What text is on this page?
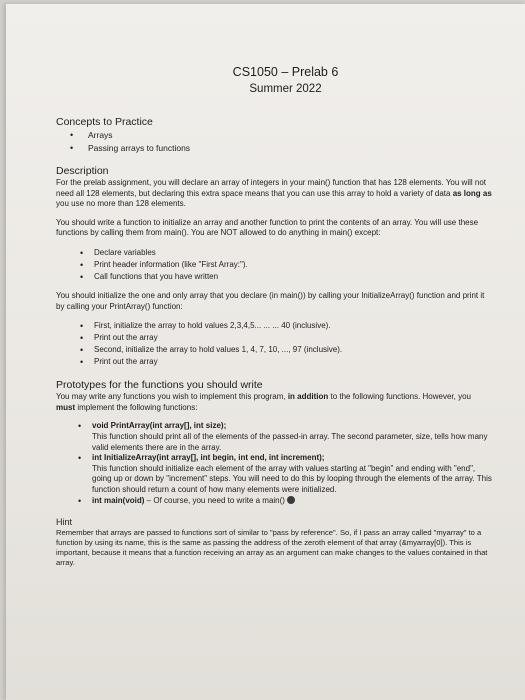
CS1050 – Prelab 6
Summer 2022
Concepts to Practice
• Arrays
• Passing arrays to functions
Description

For the prelab assignment, you will declare an array of integers in your main() function that has 128 elements. You will not need all 128 elements, but declaring this extra space means that you can use this array to hold a variety of data as long as you use no more than 128 elements.

You should write a function to initialize an array and another function to print the contents of an array. You will use these functions by calling them from main(). You are NOT allowed to do anything in main() except:

• Declare variables
• Print header information (like "First Array:").
• Call functions that you have written

You should initialize the one and only array that you declare (in main()) by calling your InitializeArray() function and print it by calling your PrintArray() function:

• First, initialize the array to hold values 2,3,4,5... ... ... 40 (inclusive).
• Print out the array
• Second, initialize the array to hold values 1, 4, 7, 10, ..., 97 (inclusive).
• Print out the array
Prototypes for the functions you should write

You may write any functions you wish to implement this program, in addition to the following functions. However, you must implement the following functions:

• void PrintArray(int array[], int size);
This function should print all of the elements of the passed-in array. The second parameter, size, tells how many valid elements there are in the array.
• int InitializeArray(int array[], int begin, int end, int increment);
This function should initialize each element of the array with values starting at "begin" and ending with "end", going up or down by "increment" steps. You will need to do this by looping through the elements of the array. This function should return a count of how many elements were initialized.
• int main(void) – Of course, you need to write a main()
Hint

Remember that arrays are passed to functions sort of similar to "pass by reference". So, if I pass an array called "myarray" to a function by using its name, this is the same as passing the address of the zeroth element of that array (&myarray[0]). This is important, because it means that a function receiving an array as an argument can make changes to the values contained in that array.
